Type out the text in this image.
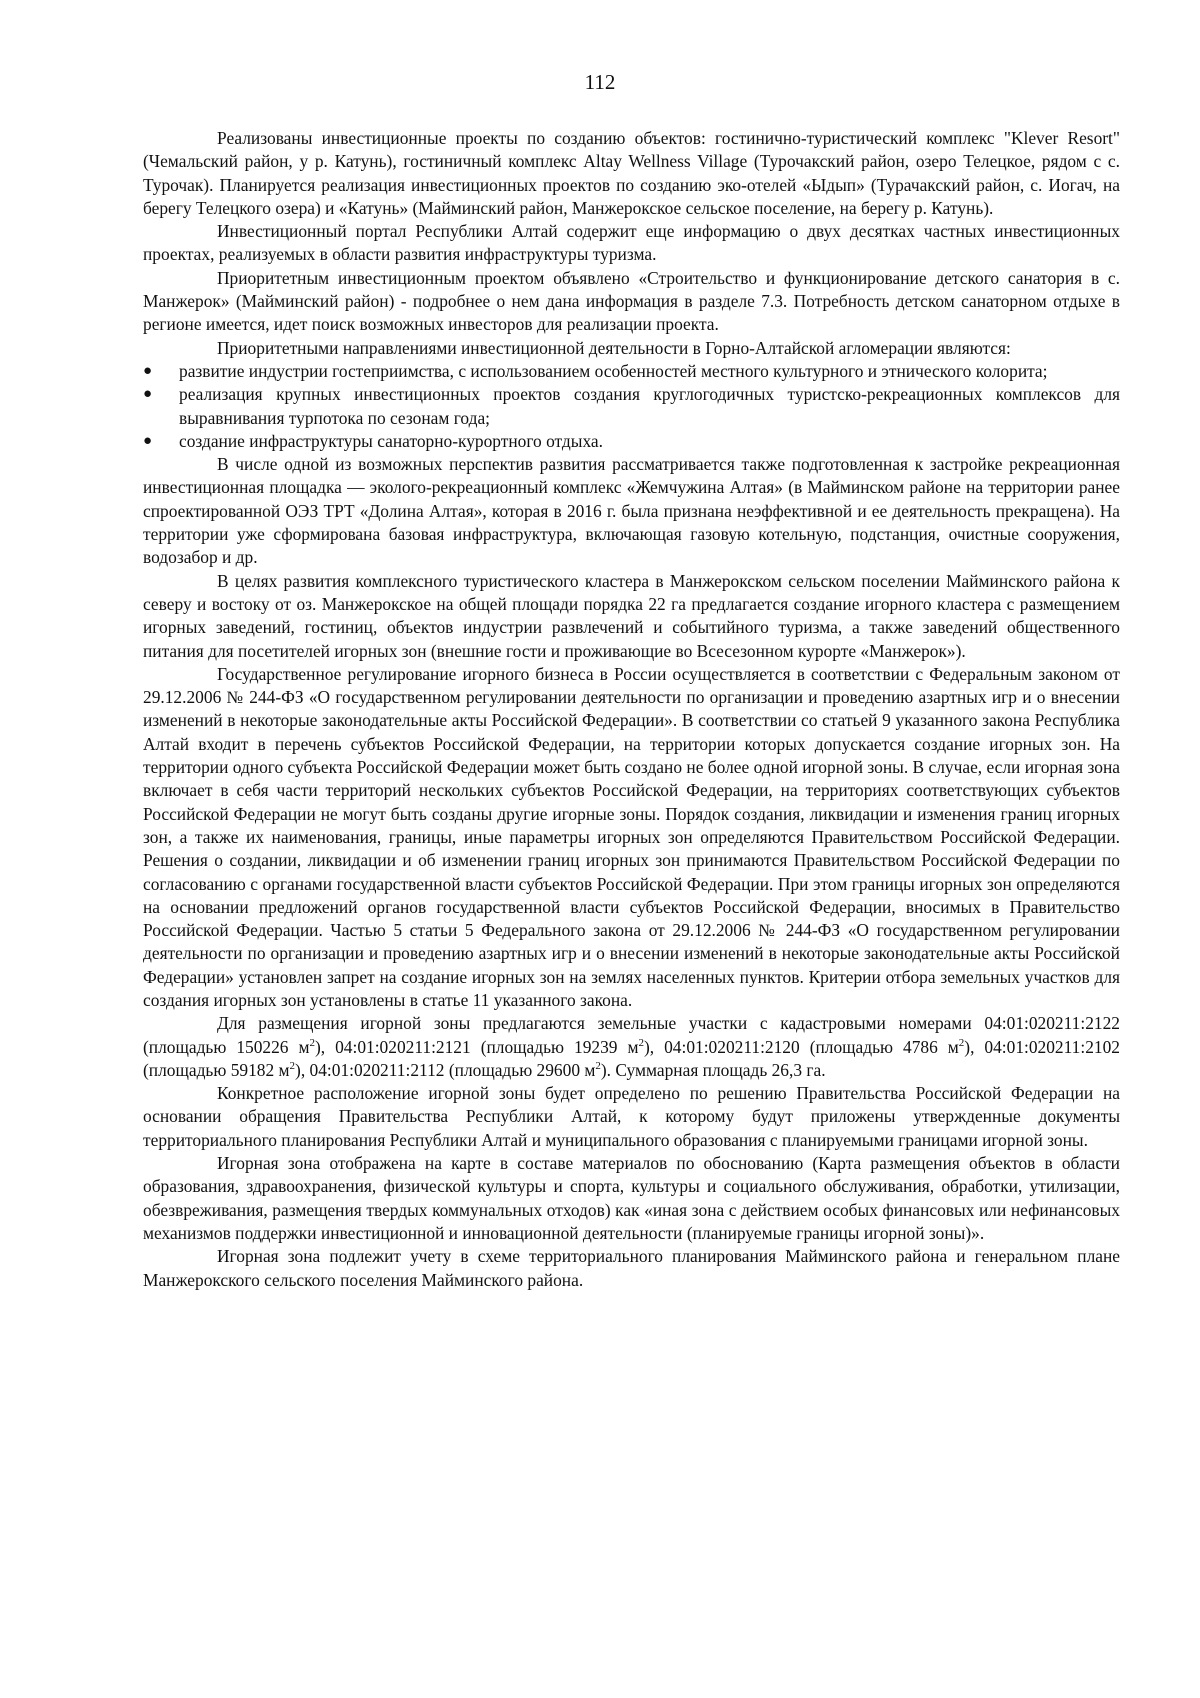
112

Реализованы инвестиционные проекты по созданию объектов: гостинично-туристический комплекс "Klever Resort" (Чемальский район, у р. Катунь), гостиничный комплекс Altay Wellness Village (Турочакский район, озеро Телецкое, рядом с с. Турочак). Планируется реализация инвестиционных проектов по созданию эко-отелей «Ыдып» (Турачакский район, с. Иогач, на берегу Телецкого озера) и «Катунь» (Майминский район, Манжерокское сельское поселение, на берегу р. Катунь).

Инвестиционный портал Республики Алтай содержит еще информацию о двух десятках частных инвестиционных проектах, реализуемых в области развития инфраструктуры туризма.

Приоритетным инвестиционным проектом объявлено «Строительство и функционирование детского санатория в с. Манжерок» (Майминский район) - подробнее о нем дана информация в разделе 7.3. Потребность детском санаторном отдыхе в регионе имеется, идет поиск возможных инвесторов для реализации проекта.

Приоритетными направлениями инвестиционной деятельности в Горно-Алтайской агломерации являются:

●	развитие индустрии гостеприимства, с использованием особенностей местного культурного и этнического колорита;
●	реализация крупных инвестиционных проектов создания круглогодичных туристско-рекреационных комплексов для выравнивания турпотока по сезонам года;
●	создание инфраструктуры санаторно-курортного отдыха.

В числе одной из возможных перспектив развития рассматривается также подготовленная к застройке рекреационная инвестиционная площадка — эколого-рекреационный комплекс «Жемчужина Алтая» (в Майминском районе на территории ранее спроектированной ОЭЗ ТРТ «Долина Алтая», которая в 2016 г. была признана неэффективной и ее деятельность прекращена). На территории уже сформирована базовая инфраструктура, включающая газовую котельную, подстанция, очистные сооружения, водозабор и др.

В целях развития комплексного туристического кластера в Манжерокском сельском поселении Майминского района к северу и востоку от оз. Манжерокское на общей площади порядка 22 га предлагается создание игорного кластера с размещением игорных заведений, гостиниц, объектов индустрии развлечений и событийного туризма, а также заведений общественного питания для посетителей игорных зон (внешние гости и проживающие во Всесезонном курорте «Манжерок»).

Государственное регулирование игорного бизнеса в России осуществляется в соответствии с Федеральным законом от 29.12.2006 № 244-ФЗ «О государственном регулировании деятельности по организации и проведению азартных игр и о внесении изменений в некоторые законодательные акты Российской Федерации». В соответствии со статьей 9 указанного закона Республика Алтай входит в перечень субъектов Российской Федерации, на территории которых допускается создание игорных зон. На территории одного субъекта Российской Федерации может быть создано не более одной игорной зоны. В случае, если игорная зона включает в себя части территорий нескольких субъектов Российской Федерации, на территориях соответствующих субъектов Российской Федерации не могут быть созданы другие игорные зоны. Порядок создания, ликвидации и изменения границ игорных зон, а также их наименования, границы, иные параметры игорных зон определяются Правительством Российской Федерации. Решения о создании, ликвидации и об изменении границ игорных зон принимаются Правительством Российской Федерации по согласованию с органами государственной власти субъектов Российской Федерации. При этом границы игорных зон определяются на основании предложений органов государственной власти субъектов Российской Федерации, вносимых в Правительство Российской Федерации. Частью 5 статьи 5 Федерального закона от 29.12.2006 № 244-ФЗ «О государственном регулировании деятельности по организации и проведению азартных игр и о внесении изменений в некоторые законодательные акты Российской Федерации» установлен запрет на создание игорных зон на землях населенных пунктов. Критерии отбора земельных участков для создания игорных зон установлены в статье 11 указанного закона.

Для размещения игорной зоны предлагаются земельные участки с кадастровыми номерами 04:01:020211:2122 (площадью 150226 $м^2$), 04:01:020211:2121 (площадью 19239 $м^2$), 04:01:020211:2120 (площадью 4786 $м^2$), 04:01:020211:2102 (площадью 59182 $м^2$), 04:01:020211:2112 (площадью 29600 $м^2$). Суммарная площадь 26,3 га.

Конкретное расположение игорной зоны будет определено по решению Правительства Российской Федерации на основании обращения Правительства Республики Алтай, к которому будут приложены утвержденные документы территориального планирования Республики Алтай и муниципального образования с планируемыми границами игорной зоны.

Игорная зона отображена на карте в составе материалов по обоснованию (Карта размещения объектов в области образования, здравоохранения, физической культуры и спорта, культуры и социального обслуживания, обработки, утилизации, обезвреживания, размещения твердых коммунальных отходов) как «иная зона с действием особых финансовых или нефинансовых механизмов поддержки инвестиционной и инновационной деятельности (планируемые границы игорной зоны)».

Игорная зона подлежит учету в схеме территориального планирования Майминского района и генеральном плане Манжерокского сельского поселения Майминского района.
